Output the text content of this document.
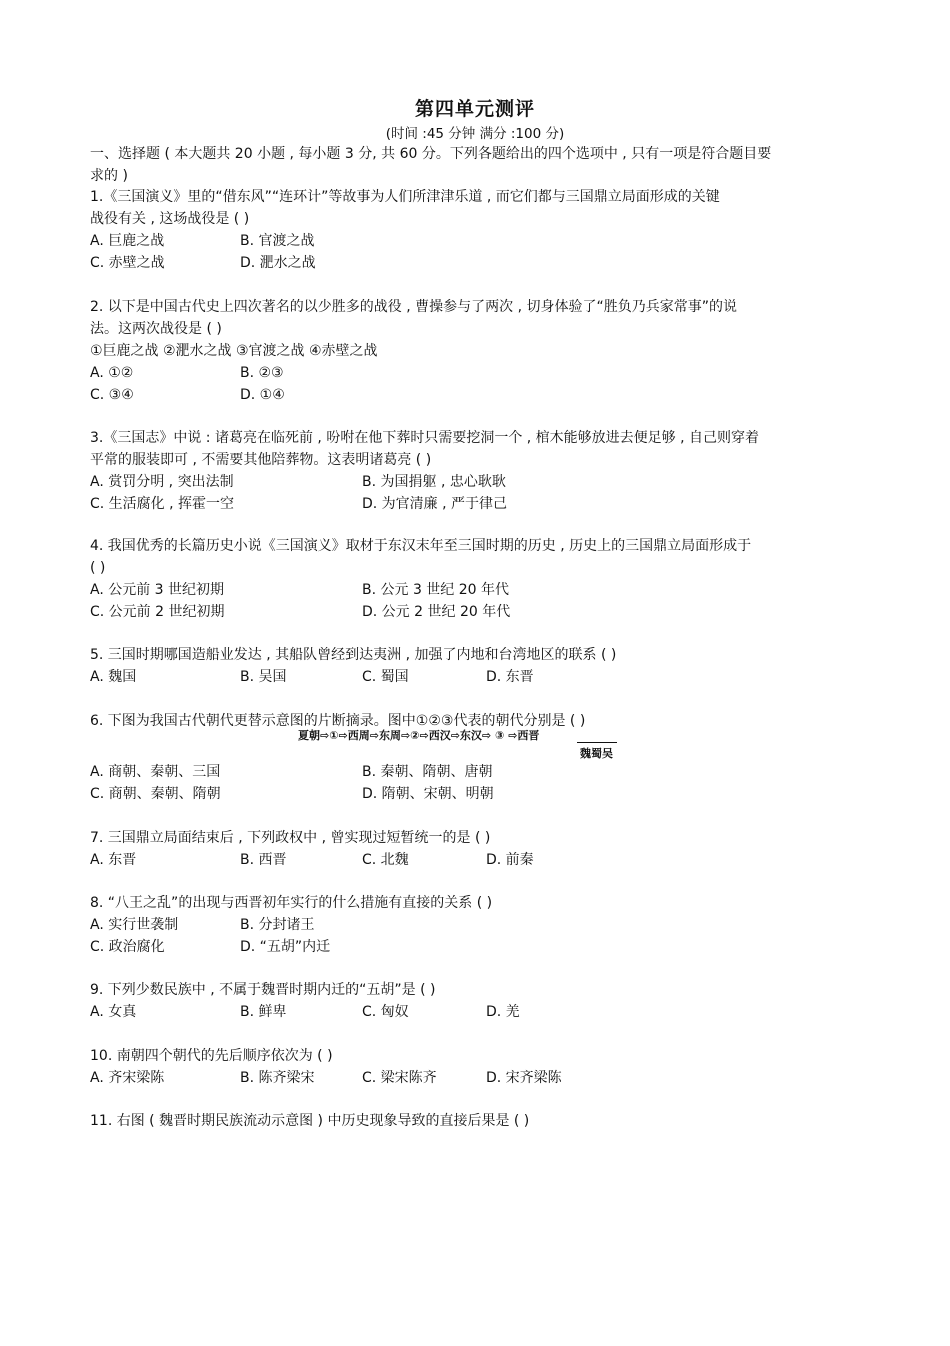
第四单元测评
(时间 :45 分钟 满分 :100 分)
一、选择题 ( 本大题共 20 小题 , 每小题 3 分, 共 60 分。下列各题给出的四个选项中 , 只有一项是符合题目要
求的 )
1.《三国演义》里的“借东风”“连环计”等故事为人们所津津乐道 , 而它们都与三国鼎立局面形成的关键
战役有关 , 这场战役是 ( )
A. 巨鹿之战	B. 官渡之战
C. 赤壁之战	D. 淝水之战
2. 以下是中国古代史上四次著名的以少胜多的战役 , 曹操参与了两次 , 切身体验了“胜负乃兵家常事”的说
法。这两次战役是 ( )
①巨鹿之战 ②淝水之战 ③官渡之战 ④赤壁之战
A. ①②	B. ②③
C. ③④	D. ①④
3.《三国志》中说 : 诸葛亮在临死前 , 吩咐在他下葬时只需要挖洞一个 , 棺木能够放进去便足够 , 自己则穿着
平常的服装即可 , 不需要其他陪葬物。这表明诸葛亮 ( )
A. 赏罚分明 , 突出法制	B. 为国捐躯 , 忠心耿耿
C. 生活腐化 , 挥霍一空	D. 为官清廉 , 严于律己
4. 我国优秀的长篇历史小说《三国演义》取材于东汉末年至三国时期的历史 , 历史上的三国鼎立局面形成于
( )
A. 公元前 3 世纪初期	B. 公元 3 世纪 20 年代
C. 公元前 2 世纪初期	D. 公元 2 世纪 20 年代
5. 三国时期哪国造船业发达 , 其船队曾经到达夷洲 , 加强了内地和台湾地区的联系 ( )
A. 魏国	B. 吴国	C. 蜀国	D. 东晋
6. 下图为我国古代朝代更替示意图的片断摘录。图中①②③代表的朝代分别是 ( )
夏朝⇨①⇨西周⇨东周⇨②⇨西汉⇨东汉⇨ ③ ⇨西晋
魏蜀吴
A. 商朝、秦朝、三国	B. 秦朝、隋朝、唐朝
C. 商朝、秦朝、隋朝	D. 隋朝、宋朝、明朝
7. 三国鼎立局面结束后 , 下列政权中 , 曾实现过短暂统一的是 ( )
A. 东晋	B. 西晋	C. 北魏	D. 前秦
8. “八王之乱”的出现与西晋初年实行的什么措施有直接的关系 ( )
A. 实行世袭制	B. 分封诸王
C. 政治腐化	D. “五胡”内迁
9. 下列少数民族中 , 不属于魏晋时期内迁的“五胡”是 ( )
A. 女真	B. 鲜卑	C. 匈奴	D. 羌
10. 南朝四个朝代的先后顺序依次为 ( )
A. 齐宋梁陈	B. 陈齐梁宋	C. 梁宋陈齐	D. 宋齐梁陈
11. 右图 ( 魏晋时期民族流动示意图 ) 中历史现象导致的直接后果是 ( )
